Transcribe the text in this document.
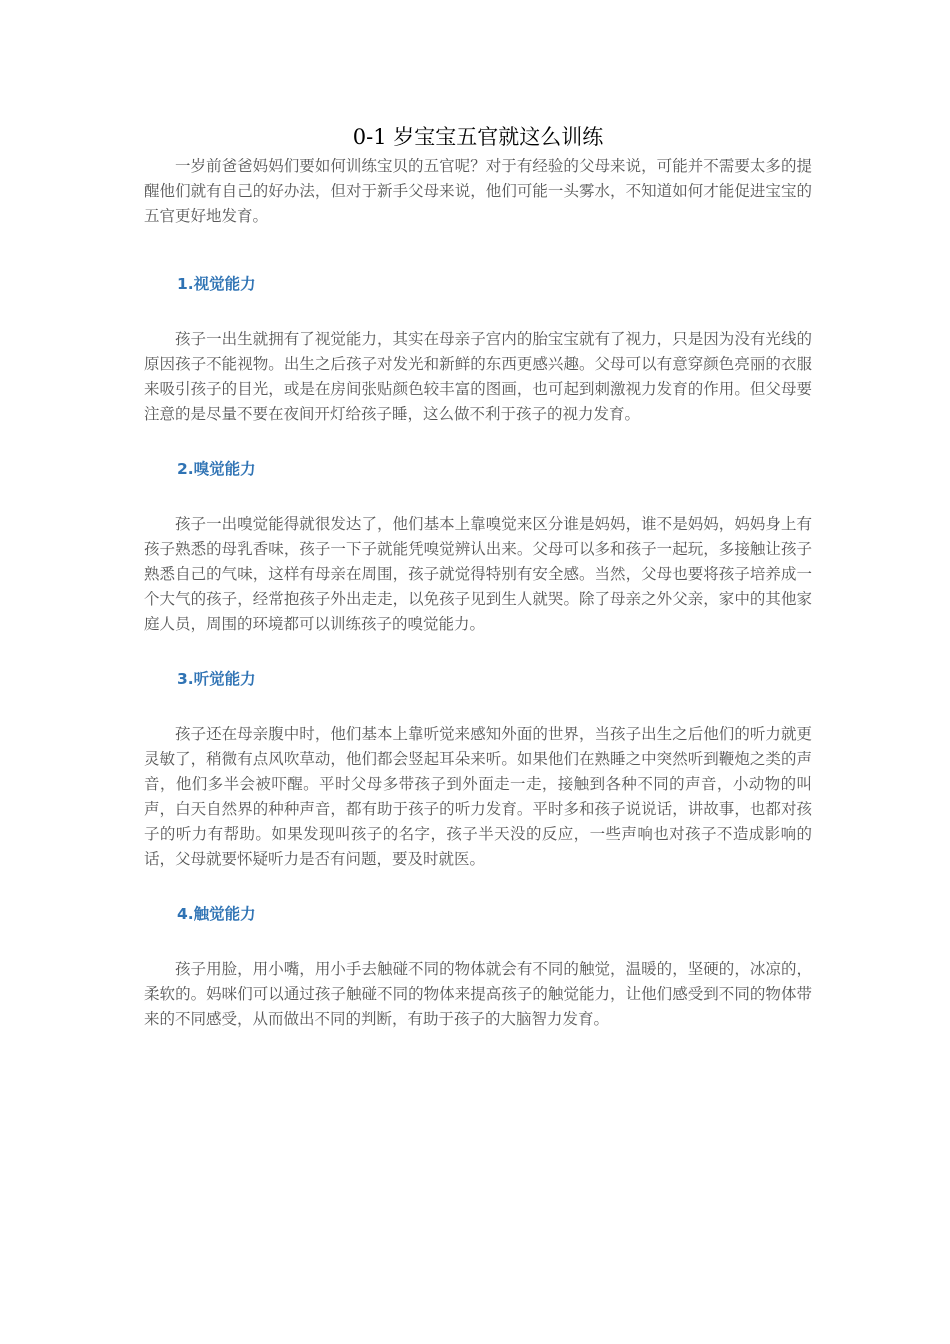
0-1 岁宝宝五官就这么训练

一岁前爸爸妈妈们要如何训练宝贝的五官呢？对于有经验的父母来说，可能并不需要太多的提醒他们就有自己的好办法，但对于新手父母来说，他们可能一头雾水，不知道如何才能促进宝宝的五官更好地发育。

1.视觉能力

孩子一出生就拥有了视觉能力，其实在母亲子宫内的胎宝宝就有了视力，只是因为没有光线的原因孩子不能视物。出生之后孩子对发光和新鲜的东西更感兴趣。父母可以有意穿颜色亮丽的衣服来吸引孩子的目光，或是在房间张贴颜色较丰富的图画，也可起到刺激视力发育的作用。但父母要注意的是尽量不要在夜间开灯给孩子睡，这么做不利于孩子的视力发育。

2.嗅觉能力

孩子一出嗅觉能得就很发达了，他们基本上靠嗅觉来区分谁是妈妈，谁不是妈妈，妈妈身上有孩子熟悉的母乳香味，孩子一下子就能凭嗅觉辨认出来。父母可以多和孩子一起玩，多接触让孩子熟悉自己的气味，这样有母亲在周围，孩子就觉得特别有安全感。当然，父母也要将孩子培养成一个大气的孩子，经常抱孩子外出走走，以免孩子见到生人就哭。除了母亲之外父亲，家中的其他家庭人员，周围的环境都可以训练孩子的嗅觉能力。

3.听觉能力

孩子还在母亲腹中时，他们基本上靠听觉来感知外面的世界，当孩子出生之后他们的听力就更灵敏了，稍微有点风吹草动，他们都会竖起耳朵来听。如果他们在熟睡之中突然听到鞭炮之类的声音，他们多半会被吓醒。平时父母多带孩子到外面走一走，接触到各种不同的声音，小动物的叫声，白天自然界的种种声音，都有助于孩子的听力发育。平时多和孩子说说话，讲故事，也都对孩子的听力有帮助。如果发现叫孩子的名字，孩子半天没的反应，一些声响也对孩子不造成影响的话，父母就要怀疑听力是否有问题，要及时就医。

4.触觉能力

孩子用脸，用小嘴，用小手去触碰不同的物体就会有不同的触觉，温暖的，坚硬的，冰凉的，柔软的。妈咪们可以通过孩子触碰不同的物体来提高孩子的触觉能力，让他们感受到不同的物体带来的不同感受，从而做出不同的判断，有助于孩子的大脑智力发育。
